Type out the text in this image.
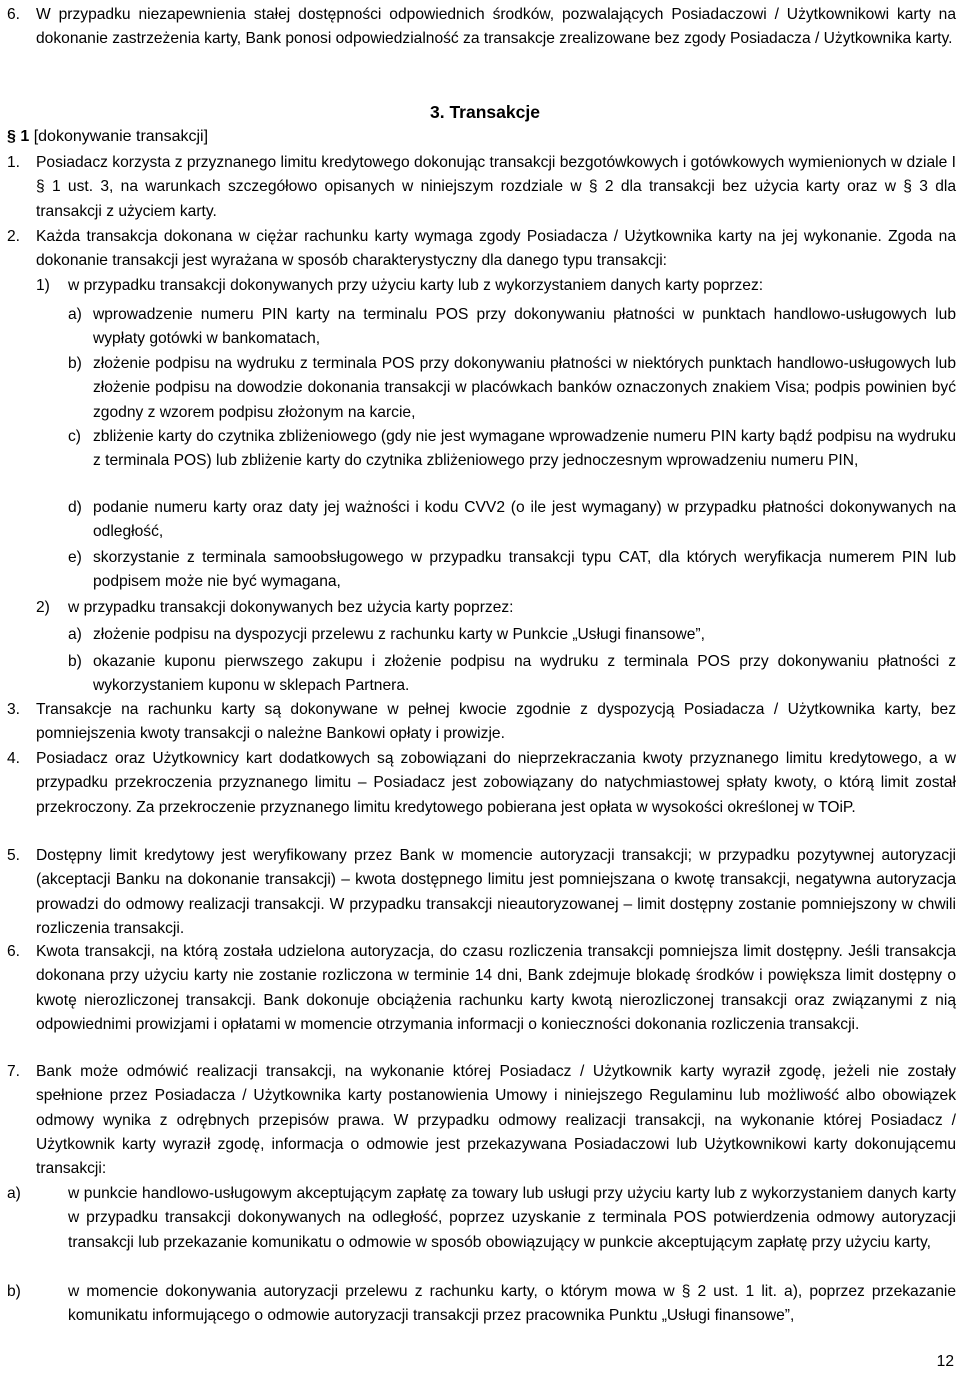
6. W przypadku niezapewnienia stałej dostępności odpowiednich środków, pozwalających Posiadaczowi / Użytkownikowi karty na dokonanie zastrzeżenia karty, Bank ponosi odpowiedzialność za transakcje zrealizowane bez zgody Posiadacza / Użytkownika karty.

3. Transakcje

§ 1 [dokonywanie transakcji]

1. Posiadacz korzysta z przyznanego limitu kredytowego dokonując transakcji bezgotówkowych i gotówkowych wymienionych w dziale I § 1 ust. 3, na warunkach szczegółowo opisanych w niniejszym rozdziale w § 2 dla transakcji bez użycia karty oraz w § 3 dla transakcji z użyciem karty.

2. Każda transakcja dokonana w ciężar rachunku karty wymaga zgody Posiadacza / Użytkownika karty na jej wykonanie. Zgoda na dokonanie transakcji jest wyrażana w sposób charakterystyczny dla danego typu transakcji:

1) w przypadku transakcji dokonywanych przy użyciu karty lub z wykorzystaniem danych karty poprzez:

a) wprowadzenie numeru PIN karty na terminalu POS przy dokonywaniu płatności w punktach handlowo-usługowych lub wypłaty gotówki w bankomatach,

b) złożenie podpisu na wydruku z terminala POS przy dokonywaniu płatności w niektórych punktach handlowo-usługowych lub złożenie podpisu na dowodzie dokonania transakcji w placówkach banków oznaczonych znakiem Visa; podpis powinien być zgodny z wzorem podpisu złożonym na karcie,

c) zbliżenie karty do czytnika zbliżeniowego (gdy nie jest wymagane wprowadzenie numeru PIN karty bądź podpisu na wydruku z terminala POS) lub zbliżenie karty do czytnika zbliżeniowego przy jednoczesnym wprowadzeniu numeru PIN,

d) podanie numeru karty oraz daty jej ważności i kodu CVV2 (o ile jest wymagany) w przypadku płatności dokonywanych na odległość,

e) skorzystanie z terminala samoobsługowego w przypadku transakcji typu CAT, dla których weryfikacja numerem PIN lub podpisem może nie być wymagana,

2) w przypadku transakcji dokonywanych bez użycia karty poprzez:

a) złożenie podpisu na dyspozycji przelewu z rachunku karty w Punkcie „Usługi finansowe”,

b) okazanie kuponu pierwszego zakupu i złożenie podpisu na wydruku z terminala POS przy dokonywaniu płatności z wykorzystaniem kuponu w sklepach Partnera.

3. Transakcje na rachunku karty są dokonywane w pełnej kwocie zgodnie z dyspozycją Posiadacza / Użytkownika karty, bez pomniejszenia kwoty transakcji o należne Bankowi opłaty i prowizje.

4. Posiadacz oraz Użytkownicy kart dodatkowych są zobowiązani do nieprzekraczania kwoty przyznanego limitu kredytowego, a w przypadku przekroczenia przyznanego limitu – Posiadacz jest zobowiązany do natychmiastowej spłaty kwoty, o którą limit został przekroczony. Za przekroczenie przyznanego limitu kredytowego pobierana jest opłata w wysokości określonej w TOiP.

5. Dostępny limit kredytowy jest weryfikowany przez Bank w momencie autoryzacji transakcji; w przypadku pozytywnej autoryzacji (akceptacji Banku na dokonanie transakcji) – kwota dostępnego limitu jest pomniejszana o kwotę transakcji, negatywna autoryzacja prowadzi do odmowy realizacji transakcji. W przypadku transakcji nieautoryzowanej – limit dostępny zostanie pomniejszony w chwili rozliczenia transakcji.

6. Kwota transakcji, na którą została udzielona autoryzacja, do czasu rozliczenia transakcji pomniejsza limit dostępny. Jeśli transakcja dokonana przy użyciu karty nie zostanie rozliczona w terminie 14 dni, Bank zdejmuje blokadę środków i powiększa limit dostępny o kwotę nierozliczonej transakcji. Bank dokonuje obciążenia rachunku karty kwotą nierozliczonej transakcji oraz związanymi z nią odpowiednimi prowizjami i opłatami w momencie otrzymania informacji o konieczności dokonania rozliczenia transakcji.

7. Bank może odmówić realizacji transakcji, na wykonanie której Posiadacz / Użytkownik karty wyraził zgodę, jeżeli nie zostały spełnione przez Posiadacza / Użytkownika karty postanowienia Umowy i niniejszego Regulaminu lub możliwość albo obowiązek odmowy wynika z odrębnych przepisów prawa. W przypadku odmowy realizacji transakcji, na wykonanie której Posiadacz / Użytkownik karty wyraził zgodę, informacja o odmowie jest przekazywana Posiadaczowi lub Użytkownikowi karty dokonującemu transakcji:

a)	w punkcie handlowo-usługowym akceptującym zapłatę za towary lub usługi przy użyciu karty lub z wykorzystaniem danych karty w przypadku transakcji dokonywanych na odległość, poprzez uzyskanie z terminala POS potwierdzenia odmowy autoryzacji transakcji lub przekazanie komunikatu o odmowie w sposób obowiązujący w punkcie akceptującym zapłatę przy użyciu karty,

b)	w momencie dokonywania autoryzacji przelewu z rachunku karty, o którym mowa w § 2 ust. 1 lit. a), poprzez przekazanie komunikatu informującego o odmowie autoryzacji transakcji przez pracownika Punktu „Usługi finansowe”,

12
